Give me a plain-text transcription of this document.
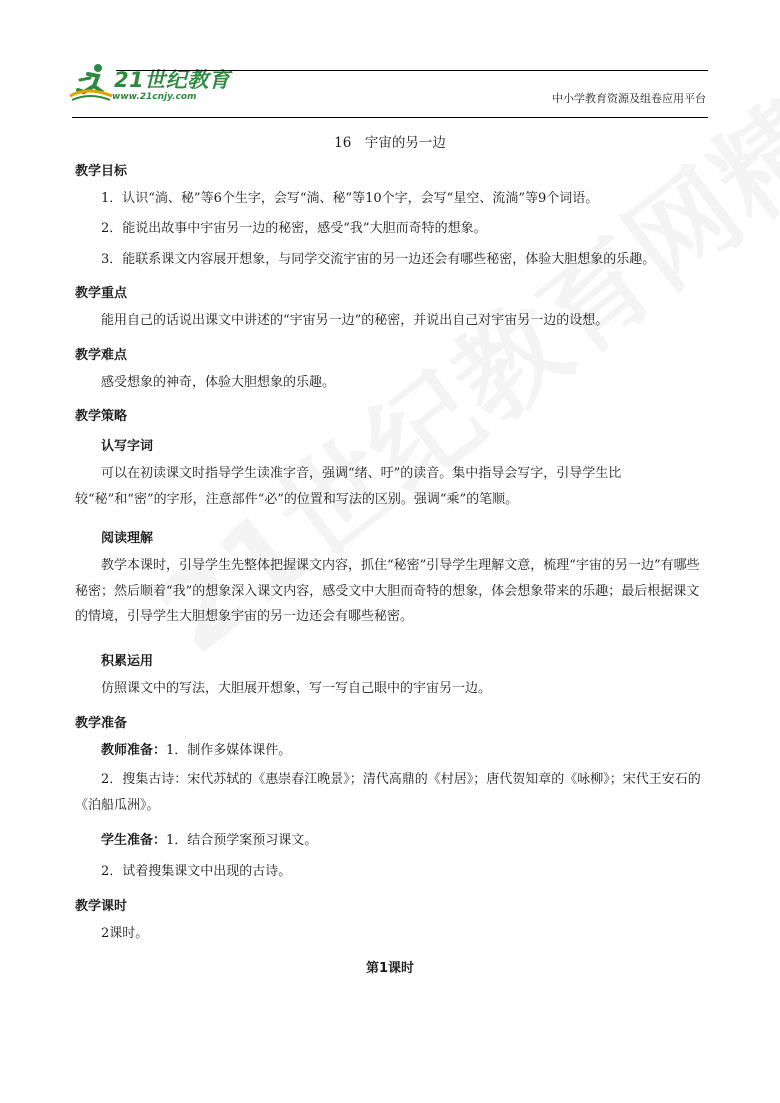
21世纪教育
www.21cnjy.com	中小学教育资源及组卷应用平台
16　宇宙的另一边
教学目标
1．认识“淌、秘”等6个生字，会写“淌、秘”等10个字，会写“星空、流淌”等9个词语。
2．能说出故事中宇宙另一边的秘密，感受“我”大胆而奇特的想象。
3．能联系课文内容展开想象，与同学交流宇宙的另一边还会有哪些秘密，体验大胆想象的乐趣。
教学重点
能用自己的话说出课文中讲述的“宇宙另一边”的秘密，并说出自己对宇宙另一边的设想。
教学难点
感受想象的神奇，体验大胆想象的乐趣。
教学策略
认写字词
可以在初读课文时指导学生读准字音，强调“绪、吁”的读音。集中指导会写字，引导学生比较“秘”和“密”的字形，注意部件“必”的位置和写法的区别。强调“乘”的笔顺。
阅读理解
教学本课时，引导学生先整体把握课文内容，抓住“秘密”引导学生理解文意，梳理“宇宙的另一边”有哪些秘密；然后顺着“我”的想象深入课文内容，感受文中大胆而奇特的想象，体会想象带来的乐趣；最后根据课文的情境，引导学生大胆想象宇宙的另一边还会有哪些秘密。
积累运用
仿照课文中的写法，大胆展开想象，写一写自己眼中的宇宙另一边。
教学准备
教师准备：1．制作多媒体课件。
2．搜集古诗：宋代苏轼的《惠崇春江晚景》；清代高鼎的《村居》；唐代贺知章的《咏柳》；宋代王安石的《泊船瓜洲》。
学生准备：1．结合预学案预习课文。
2．试着搜集课文中出现的古诗。
教学课时
2课时。
第1课时
